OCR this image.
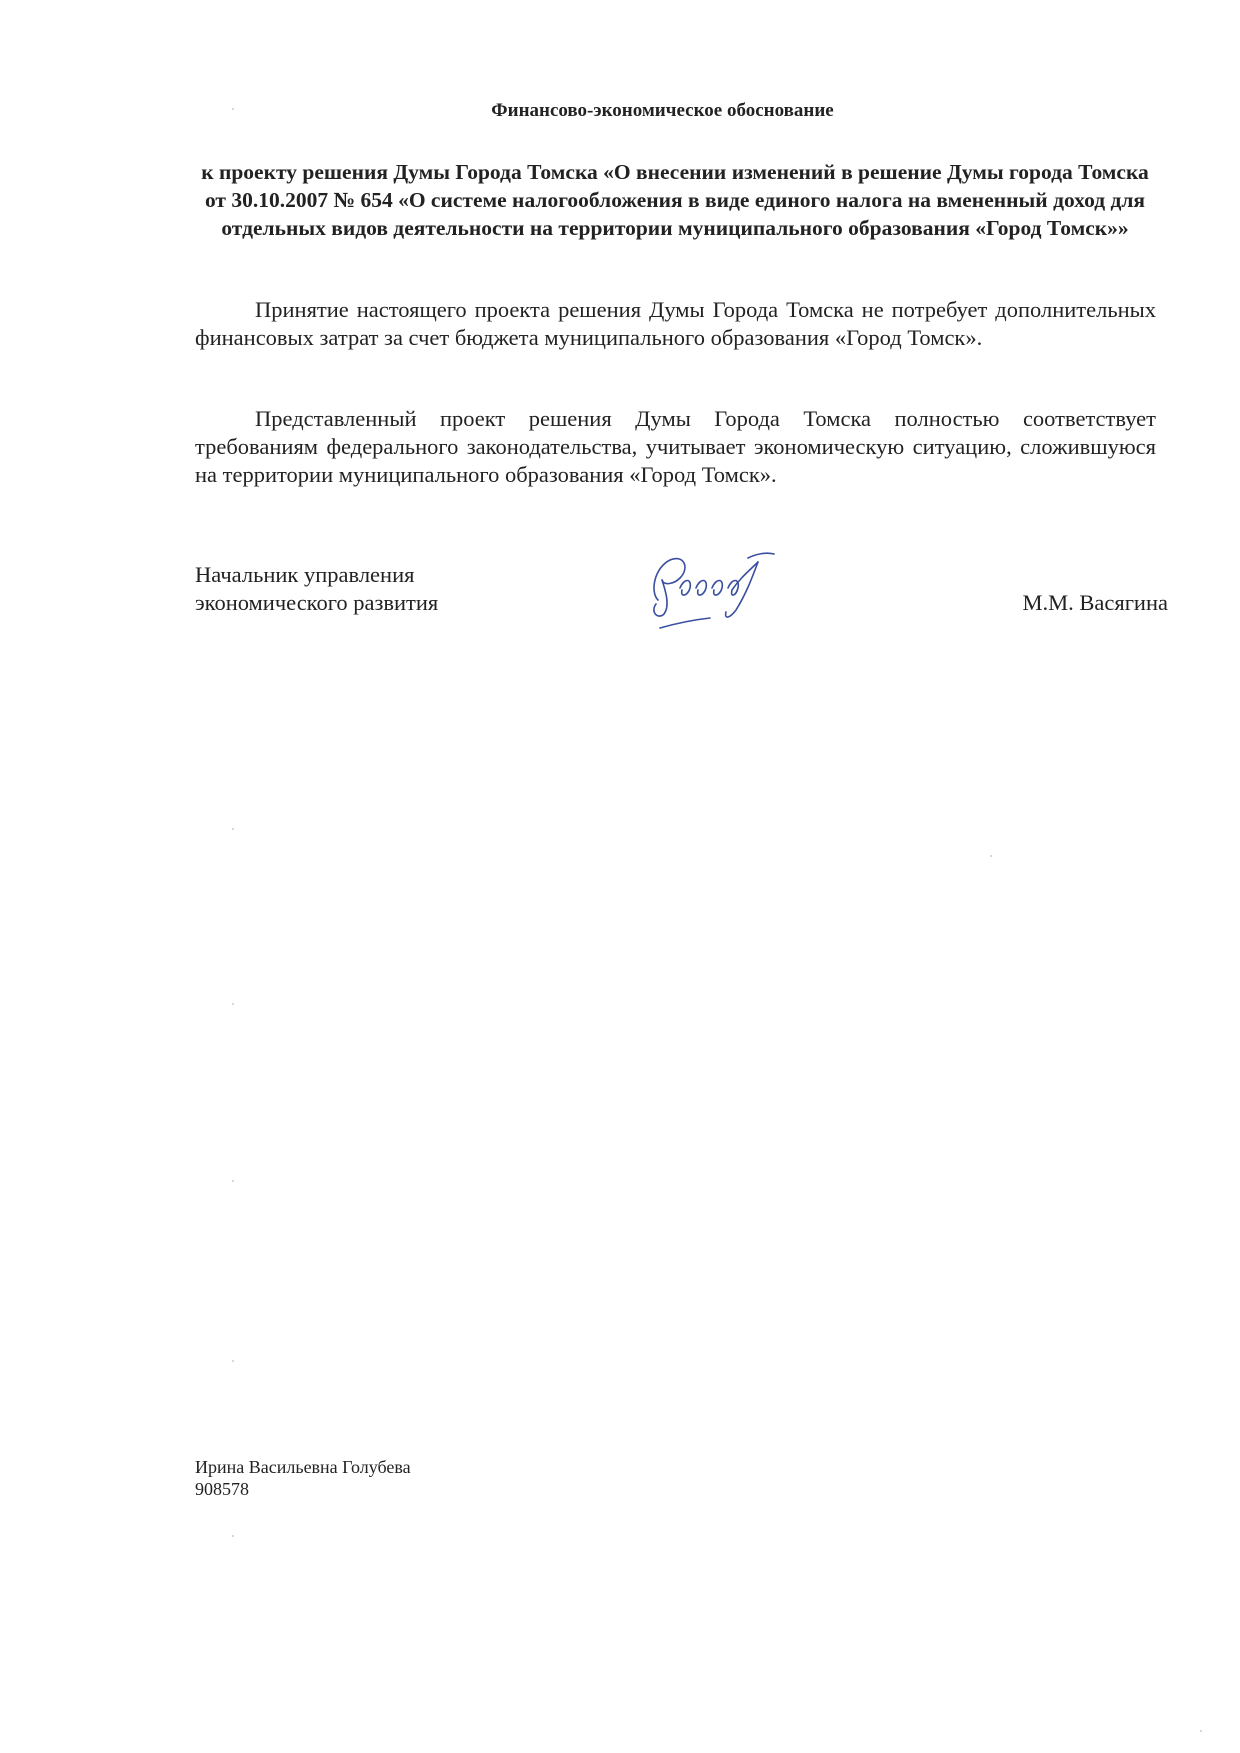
Финансово-экономическое обоснование
к проекту решения Думы Города Томска «О внесении изменений в решение Думы города Томска от 30.10.2007 № 654 «О системе налогообложения в виде единого налога на вмененный доход для отдельных видов деятельности на территории муниципального образования «Город Томск»»
Принятие настоящего проекта решения Думы Города Томска не потребует дополнительных финансовых затрат за счет бюджета муниципального образования «Город Томск».
Представленный проект решения Думы Города Томска полностью соответствует требованиям федерального законодательства, учитывает экономическую ситуацию, сложившуюся на территории муниципального образования «Город Томск».
Начальник управления
экономического развития	М.М. Васягина
Ирина Васильевна Голубева
908578
